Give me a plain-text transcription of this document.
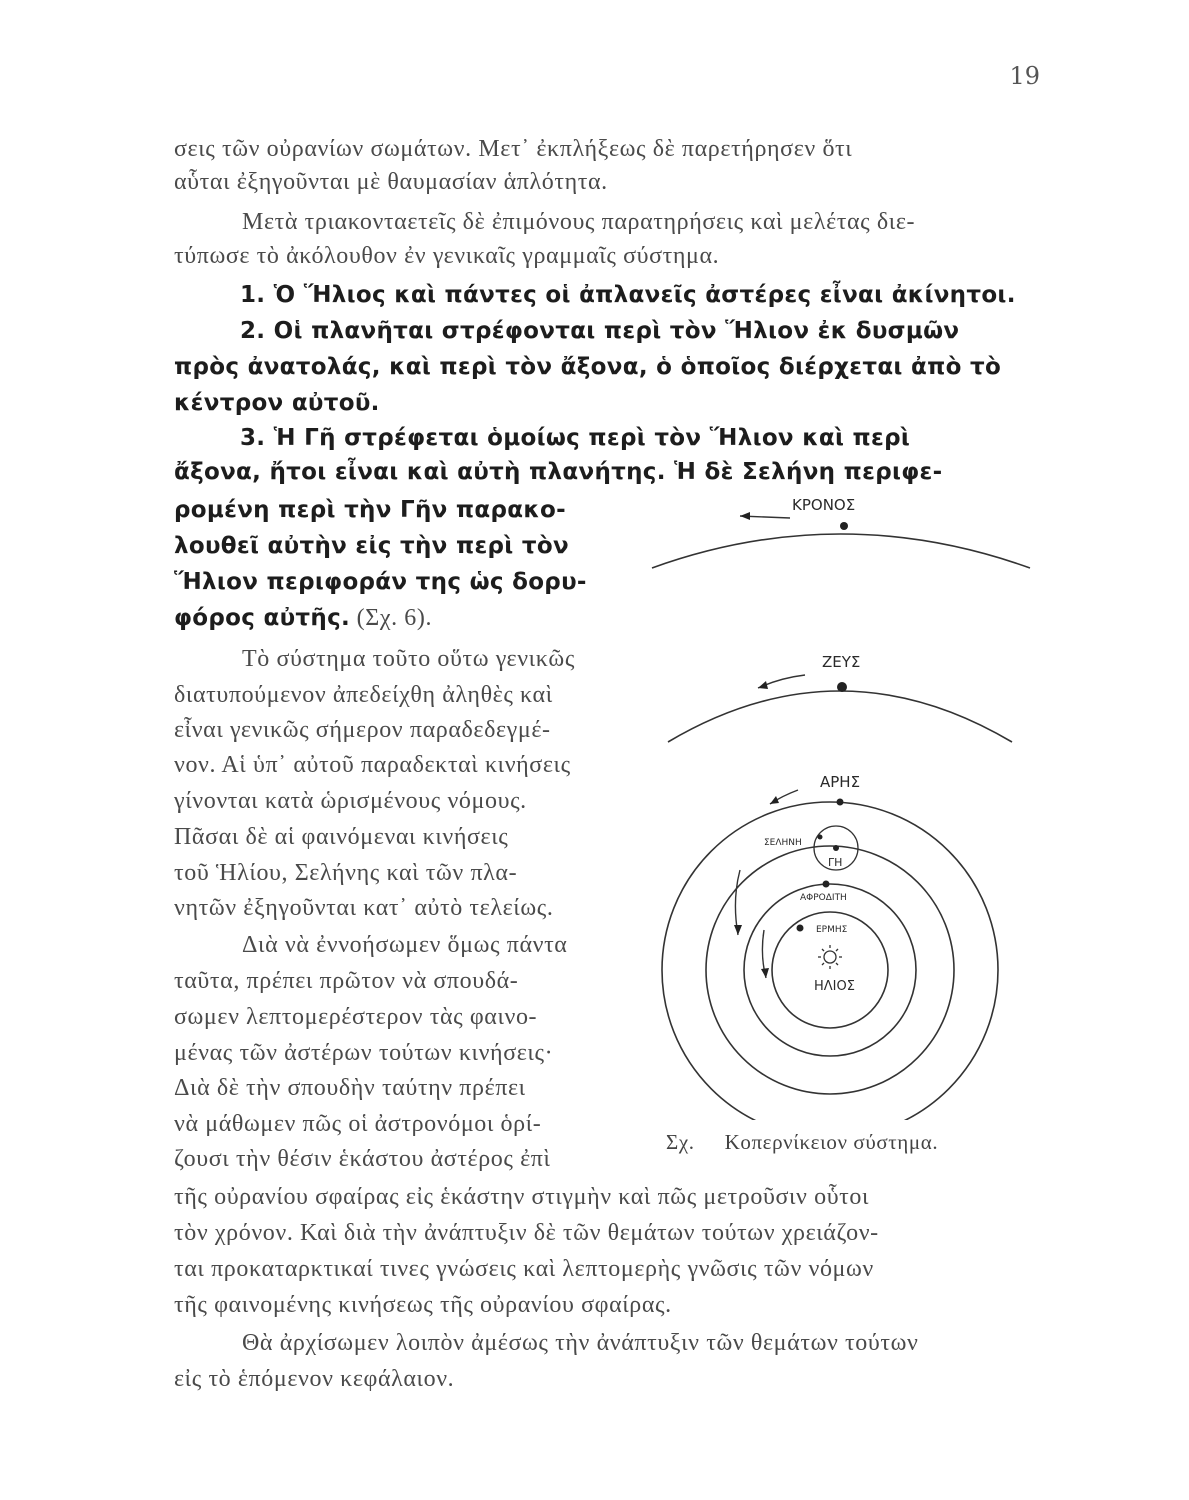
19
σεις τῶν οὐρανίων σωμάτων. Μετ᾽ ἐκπλήξεως δὲ παρετήρησεν ὅτι
αὗται ἐξηγοῦνται μὲ θαυμασίαν ἁπλότητα.
Μετὰ τριακονταετεῖς δὲ ἐπιμόνους παρατηρήσεις καὶ μελέτας διε-
τύπωσε τὸ ἀκόλουθον ἐν γενικαῖς γραμμαῖς σύστημα.
1. Ὁ Ἥλιος καὶ πάντες οἱ ἀπλανεῖς ἀστέρες εἶναι ἀκίνητοι.
2. Οἱ πλανῆται στρέφονται περὶ τὸν Ἥλιον ἐκ δυσμῶν
πρὸς ἀνατολάς, καὶ περὶ τὸν ἄξονα, ὁ ὁποῖος διέρχεται ἀπὸ τὸ
κέντρον αὐτοῦ.
3. Ἡ Γῆ στρέφεται ὁμοίως περὶ τὸν Ἥλιον καὶ περὶ
ἄξονα, ἤτοι εἶναι καὶ αὐτὴ πλανήτης. Ἡ δὲ Σελήνη περιφε-
ρομένη περὶ τὴν Γῆν παρακο-
λουθεῖ αὐτὴν εἰς τὴν περὶ τὸν
Ἥλιον περιφοράν της ὡς δορυ-
φόρος αὐτῆς. (Σχ. 6).
Τὸ σύστημα τοῦτο οὕτω γενικῶς
διατυπούμενον ἀπεδείχθη ἀληθὲς καὶ
εἶναι γενικῶς σήμερον παραδεδεγμέ-
νον. Αἱ ὑπ᾽ αὐτοῦ παραδεκταὶ κινήσεις
γίνονται κατὰ ὡρισμένους νόμους.
Πᾶσαι δὲ αἱ φαινόμεναι κινήσεις
τοῦ Ἡλίου, Σελήνης καὶ τῶν πλα-
νητῶν ἐξηγοῦνται κατ᾽ αὐτὸ τελείως.
Διὰ νὰ ἐννοήσωμεν ὅμως πάντα
ταῦτα, πρέπει πρῶτον νὰ σπουδά-
σωμεν λεπτομερέστερον τὰς φαινο-
μένας τῶν ἀστέρων τούτων κινήσεις·
Διὰ δὲ τὴν σπουδὴν ταύτην πρέπει
νὰ μάθωμεν πῶς οἱ ἀστρονόμοι ὁρί-
ζουσι τὴν θέσιν ἑκάστου ἀστέρος ἐπὶ
τῆς οὐρανίου σφαίρας εἰς ἑκάστην στιγμὴν καὶ πῶς μετροῦσιν οὗτοι
τὸν χρόνον. Καὶ διὰ τὴν ἀνάπτυξιν δὲ τῶν θεμάτων τούτων χρειάζον-
ται προκαταρκτικαί τινες γνώσεις καὶ λεπτομερὴς γνῶσις τῶν νόμων
τῆς φαινομένης κινήσεως τῆς οὐρανίου σφαίρας.
Θὰ ἀρχίσωμεν λοιπὸν ἀμέσως τὴν ἀνάπτυξιν τῶν θεμάτων τούτων
εἰς τὸ ἑπόμενον κεφάλαιον.
ΚΡΟΝΟΣ
ΖΕΥΣ
ΑΡΗΣ
ΣΕΛΗΝΗ
ΓΗ
ΑΦΡΟΔΙΤΗ
ΕΡΜΗΣ
ΗΛΙΟΣ
Σχ. Κοπερνίκειον σύστημα.
